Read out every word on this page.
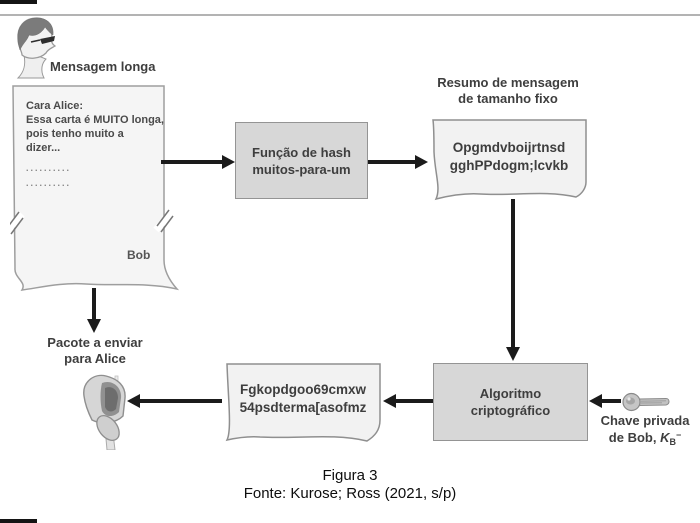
Mensagem longa
Cara Alice:
Essa carta é MUITO longa,
pois tenho muito a
dizer...
..........
..........
Bob
Função de hash
muitos-para-um
Resumo de mensagem
de tamanho fixo
Opgmdvboijrtnsd
gghPPdogm;lcvkb
Algoritmo
criptográfico
Chave privada
de Bob, $K_B^-$
Fgkopdgoo69cmxw
54psdterma[asofmz
Pacote a enviar
para Alice
Figura 3
Fonte: Kurose; Ross (2021, s/p)
